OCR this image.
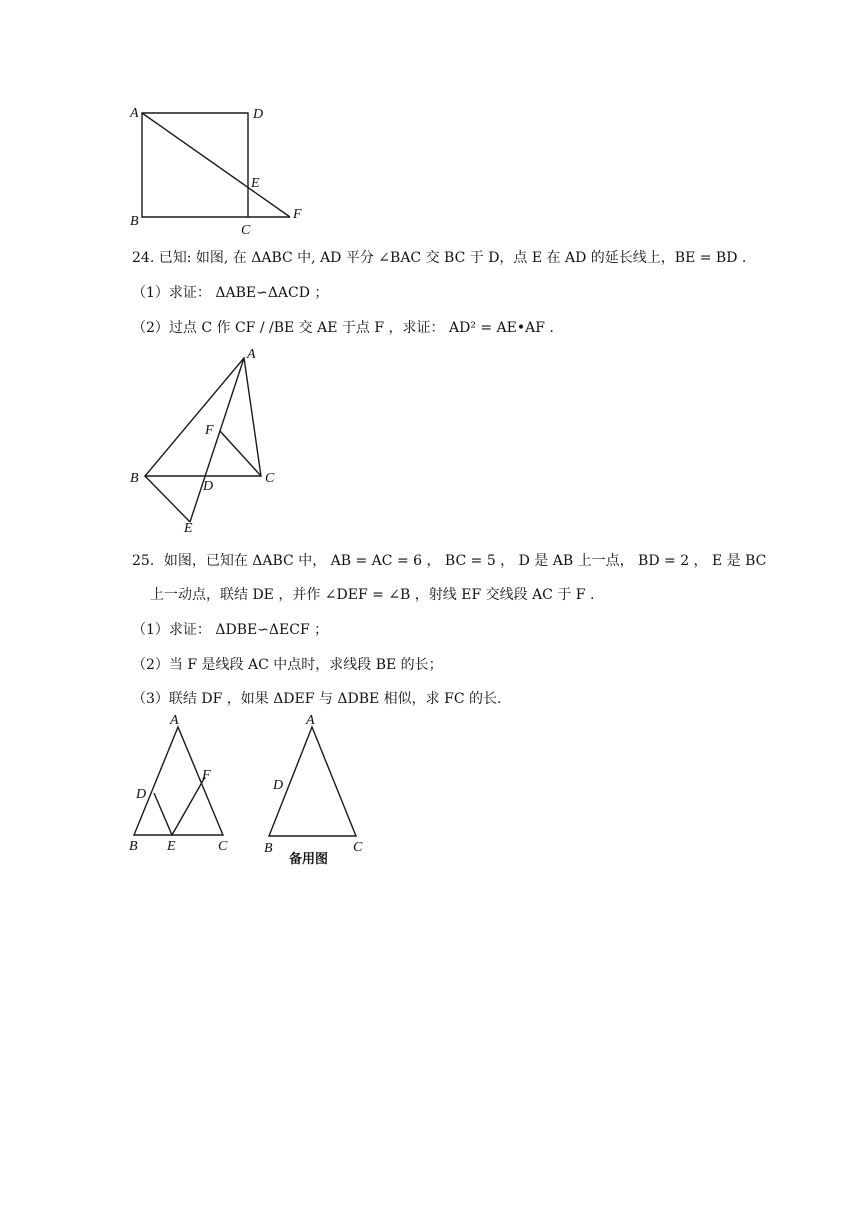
A	D
E
B
C
F
24. 已知: 如图, 在 ΔABC 中, AD 平分 ∠BAC 交 BC 于 D，点 E 在 AD 的延长线上，BE = BD .
（1）求证： ΔABE∽ΔACD ；
（2）过点 C 作 CF / /BE 交 AE 于点 F ，求证： AD² = AE•AF .
A
F
B
D
C
E
25．如图，已知在 ΔABC 中， AB = AC = 6 ， BC = 5 ， D 是 AB 上一点， BD = 2 ， E 是 BC
上一动点，联结 DE ，并作 ∠DEF = ∠B ，射线 EF 交线段 AC 于 F .
（1）求证： ΔDBE∽ΔECF ；
（2）当 F 是线段 AC 中点时，求线段 BE 的长；
（3）联结 DF ，如果 ΔDEF 与 ΔDBE 相似，求 FC 的长.
A
F
D
B E	C
A
D
B	C
备用图
